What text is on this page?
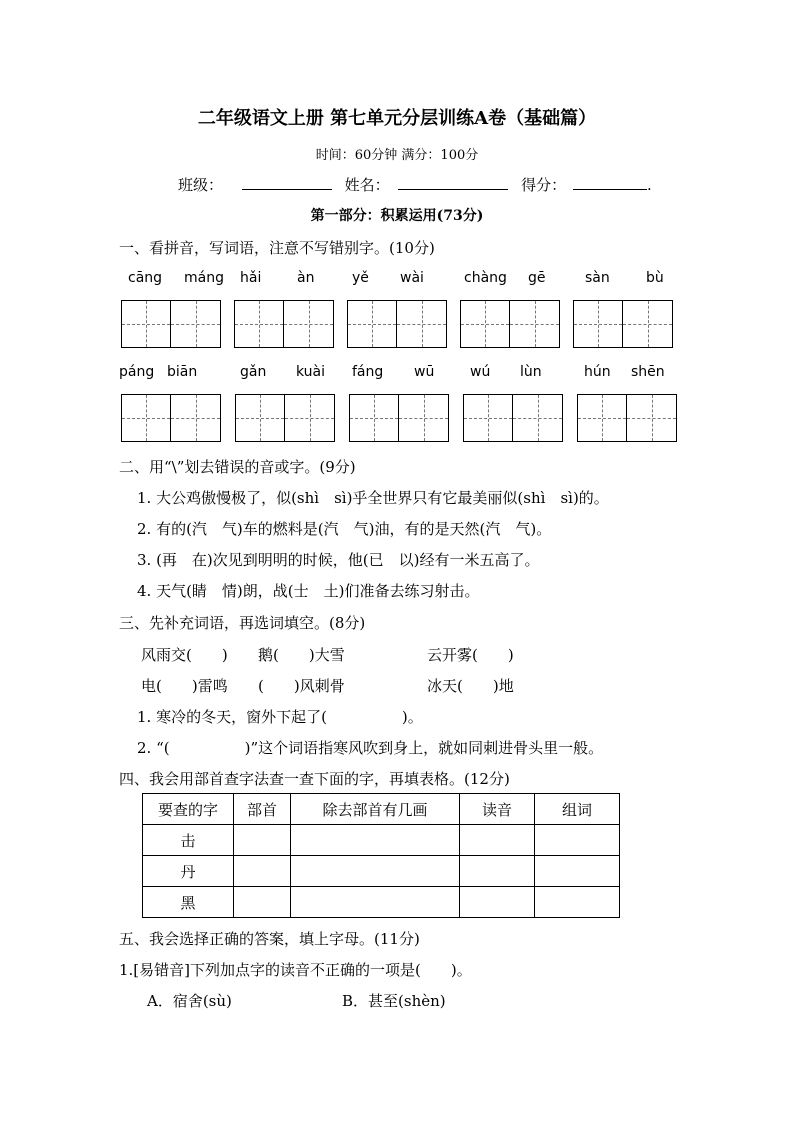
二年级语文上册 第七单元分层训练A卷（基础篇）
时间：60分钟 满分：100分
班级：	姓名：	得分：	.
第一部分：积累运用(73分)
一、看拼音，写词语，注意不写错别字。(10分)
cāng máng hǎi	àn	yě wài	chàng gē	sàn	bù
páng biān	gǎn kuài fáng wū	wú lùn	hún shēn
二、用“\”划去错误的音或字。(9分)
1. 大公鸡傲慢极了，似(shì　sì)乎全世界只有它最美丽似(shì　sì)的。
2. 有的(汽　气)车的燃料是(汽　气)油，有的是天然(汽　气)。
3. (再　在)次见到明明的时候，他(已　以)经有一米五高了。
4. 天气(睛　情)朗，战(士　土)们准备去练习射击。
三、先补充词语，再选词填空。(8分)
风雨交(　　) 鹅(　　)大雪	云开雾(　　)
电(　　)雷鸣 (　　)风刺骨	冰天(　　)地
1. 寒冷的冬天，窗外下起了(　　　　　)。
2. “(　　　　　)”这个词语指寒风吹到身上，就如同刺进骨头里一般。
四、我会用部首查字法查一查下面的字，再填表格。(12分)
要查的字	部首	除去部首有几画	读音	组词
击				
丹				
黑				
五、我会选择正确的答案，填上字母。(11分)
1.[易错音]下列加点字的读音不正确的一项是(　　)。
A．宿舍(sù)	B．甚至(shèn)
